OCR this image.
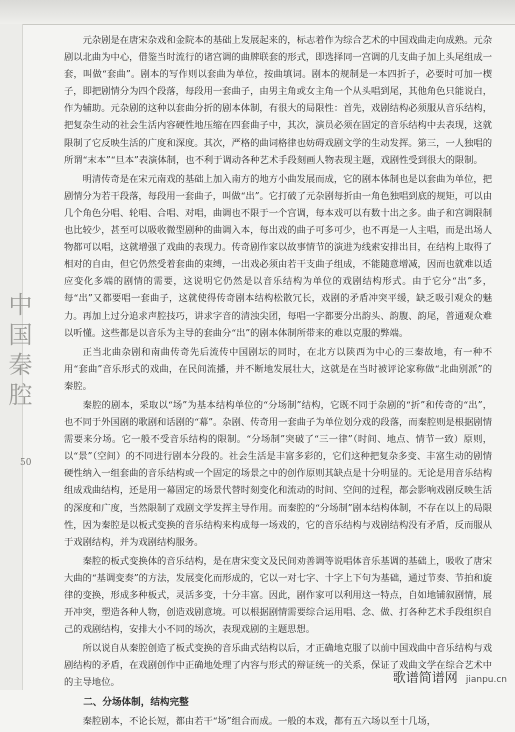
中国秦腔
50

元杂剧是在唐宋杂戏和金院本的基础上发展起来的，标志着作为综合艺术的中国戏曲走向成熟。元杂剧以北曲为中心，借鉴当时流行的诸宫调的曲牌联套的形式，即选择同一宫调的几支曲子加上头尾组成一套，叫做“套曲”。剧本的写作则以套曲为单位，按曲填词。剧本的规制是一本四折子，必要时可加一楔子，即把剧情分为四个段落，每段用一套曲子，由男主角或女主角一个从头唱到尾，其他角色只能说白，作为辅助。元杂剧的这种以套曲分折的剧本体制，有很大的局限性：首先，戏剧结构必须服从音乐结构，把复杂生动的社会生活内容硬性地压缩在四套曲子中，其次，演员必须在固定的音乐结构中去表现，这就限制了它反映生活的广度和深度。其次，严格的曲词格律也妨碍戏剧文学的生动发挥。第三，一人独唱的所谓“末本”“旦本”表演体制，也不利于调动各种艺术手段刻画人物表现主题，戏剧性受到很大的限制。

明清传奇是在宋元南戏的基础上加入南方的地方小曲发展而成，它的剧本体制也是以套曲为单位，把剧情分为若干段落，每段用一套曲子，叫做“出”。它打破了元杂剧每折由一角色独唱到底的规矩，可以由几个角色分唱、轮唱、合唱、对唱，曲调也不限于一个宫调，每本戏可以有数十出之多。曲子和宫调限制也比较少，甚至可以吸收微型剧种的曲调入本，每出戏的曲子可多可少，也不再是一人主唱，而是出场人物都可以唱，这就增强了戏曲的表现力。传奇剧作家以故事情节的演进为线索安排出目，在结构上取得了相对的自由，但它仍然受着套曲的束缚，一出戏必须由若干支曲子组成，不能随意增减，因而也就难以适应变化多端的剧情的需要，这说明它仍然是以音乐结构为单位的戏剧结构形式。由于它分“出”多，每“出”又都要唱一套曲子，这就使得传奇剧本结构松散冗长，戏剧的矛盾冲突平缓，缺乏吸引观众的魅力。再加上过分追求声腔技巧，讲求字音的清浊尖团，每唱一字都要分出韵头、韵腹、韵尾，普通观众难以听懂。这些都是以音乐为主导的套曲分“出”的剧本体制所带来的难以克服的弊端。

正当北曲杂剧和南曲传奇先后流传中国剧坛的同时，在北方以陕西为中心的三秦故地，有一种不用“套曲”音乐形式的戏曲，在民间流播，并不断地发展壮大，这就是在当时被评论家称做“北曲别派”的秦腔。

秦腔的剧本，采取以“场”为基本结构单位的“分场制”结构，它既不同于杂剧的“折”和传奇的“出”，也不同于外国剧的歌剧和话剧的“幕”。杂剧、传奇用一套曲子为单位划分戏的段落，而秦腔则是根据剧情需要来分场。它一般不受音乐结构的限制。“分场制”突破了“三一律”（时间、地点、情节一致）原则，以“景”（空间）的不同进行剧本分段的。社会生活是丰富多彩的，它们这种把复杂多变、丰富生动的剧情硬性纳入一组套曲的音乐结构或一个固定的场景之中的创作原则其缺点是十分明显的。无论是用音乐结构组成戏曲结构，还是用一幕固定的场景代替时刻变化和流动的时间、空间的过程，都会影响戏剧反映生活的深度和广度，当然限制了戏剧文学发挥主导作用。而秦腔的“分场制”剧本结构体制，不存在以上的局限性，因为秦腔是以板式变换的音乐结构来构成每一场戏的，它的音乐结构与戏剧结构没有矛盾，反而服从于戏剧结构，并为戏剧结构服务。

秦腔的板式变换体的音乐结构，是在唐宋变文及民间劝善调等说唱体音乐基调的基础上，吸收了唐宋大曲的“基调变奏”的方法，发展变化而形成的，它以一对七字、十字上下句为基础，通过节奏、节拍和旋律的变换，形成多种板式，灵活多变，十分丰富。因此，剧作家可以利用这一特点，自如地铺叙剧情，展开冲突，塑造各种人物，创造戏剧意境。可以根据剧情需要综合运用唱、念、做、打各种艺术手段组织自己的戏剧结构，安排大小不同的场次，表现戏剧的主题思想。

所以说自从秦腔创造了板式变换的音乐曲式结构以后，才正确地克服了以前中国戏曲中音乐结构与戏剧结构的矛盾，在戏剧创作中正确地处理了内容与形式的辩证统一的关系，保证了戏曲文学在综合艺术中的主导地位。

二、分场体制，结构完整

秦腔剧本，不论长短，都由若干“场”组合而成。一般的本戏，都有五六场以至十几场，

歌谱简谱网 jianpu.cn
